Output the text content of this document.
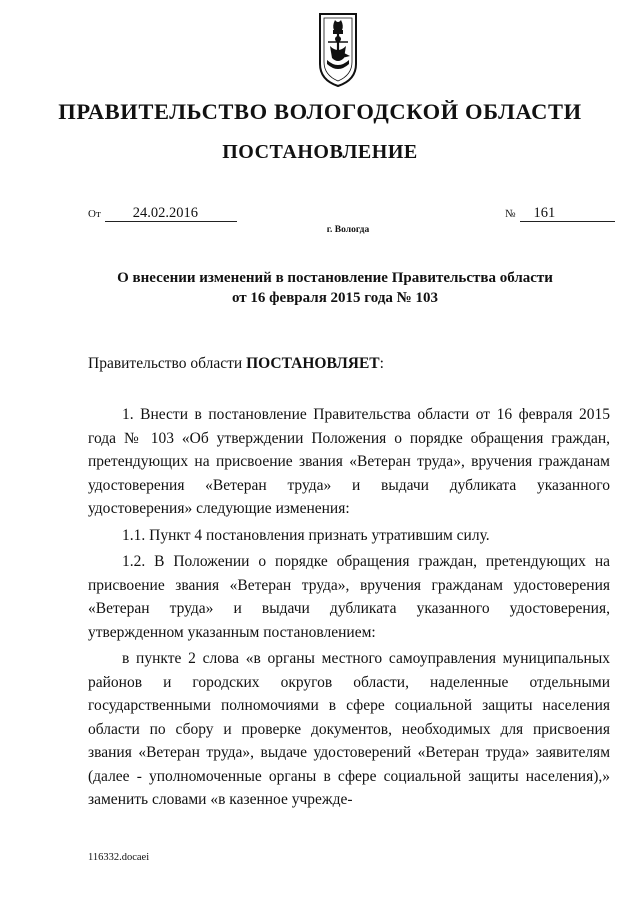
ПРАВИТЕЛЬСТВО ВОЛОГОДСКОЙ ОБЛАСТИ
ПОСТАНОВЛЕНИЕ
От 24.02.2016	№ 161
г. Вологда
О внесении изменений в постановление Правительства области
от 16 февраля 2015 года № 103
Правительство области ПОСТАНОВЛЯЕТ:

1. Внести в постановление Правительства области от 16 февраля 2015 года № 103 «Об утверждении Положения о порядке обращения граждан, претендующих на присвоение звания «Ветеран труда», вручения гражданам удостоверения «Ветеран труда» и выдачи дубликата указанного удостоверения» следующие изменения:

1.1. Пункт 4 постановления признать утратившим силу.

1.2. В Положении о порядке обращения граждан, претендующих на присвоение звания «Ветеран труда», вручения гражданам удостоверения «Ветеран труда» и выдачи дубликата указанного удостоверения, утвержденном указанным постановлением:

в пункте 2 слова «в органы местного самоуправления муниципальных районов и городских округов области, наделенные отдельными государственными полномочиями в сфере социальной защиты населения области по сбору и проверке документов, необходимых для присвоения звания «Ветеран труда», выдаче удостоверений «Ветеран труда» заявителям (далее - уполномоченные органы в сфере социальной защиты населения),» заменить словами «в казенное учрежде-

116332.docaei
